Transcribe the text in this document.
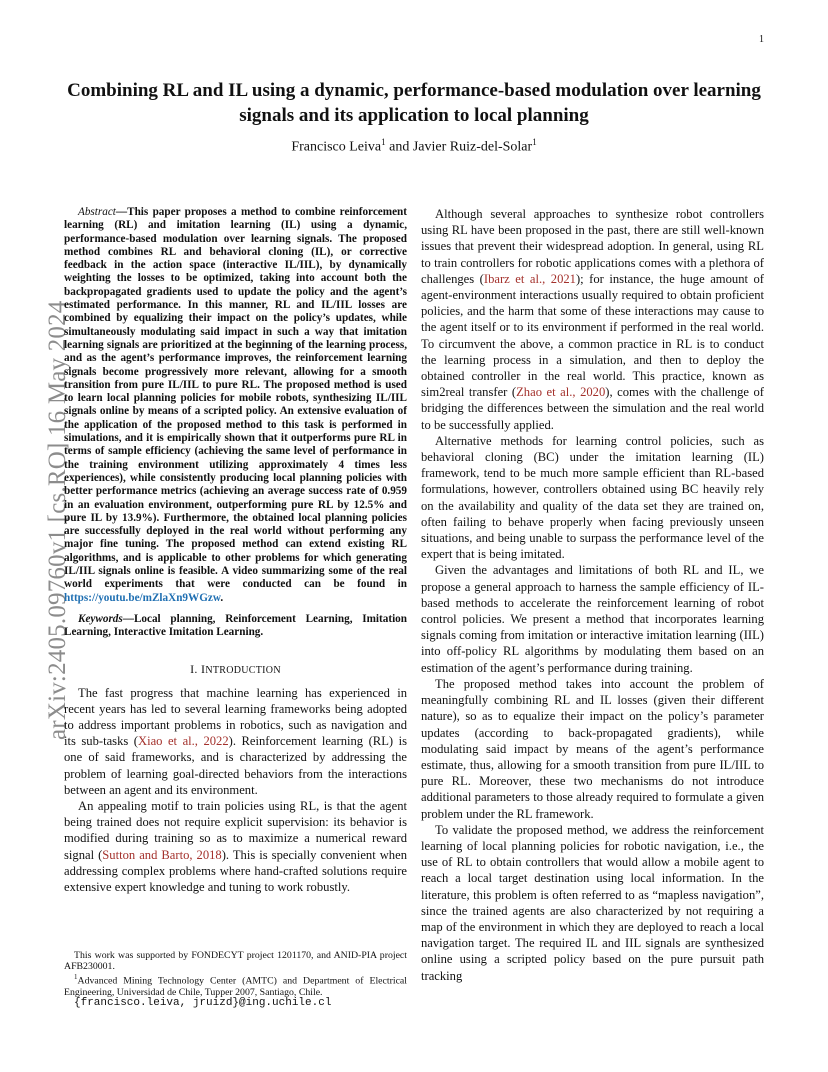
1
arXiv:2405.09760v1 [cs.RO] 16 May 2024
Combining RL and IL using a dynamic, performance-based modulation over learning signals and its application to local planning
Francisco Leiva$^1$ and Javier Ruiz-del-Solar$^1$

Abstract—This paper proposes a method to combine reinforcement learning (RL) and imitation learning (IL) using a dynamic, performance-based modulation over learning signals. The proposed method combines RL and behavioral cloning (IL), or corrective feedback in the action space (interactive IL/IIL), by dynamically weighting the losses to be optimized, taking into account both the backpropagated gradients used to update the policy and the agent’s estimated performance. In this manner, RL and IL/IIL losses are combined by equalizing their impact on the policy’s updates, while simultaneously modulating said impact in such a way that imitation learning signals are prioritized at the beginning of the learning process, and as the agent’s performance improves, the reinforcement learning signals become progressively more relevant, allowing for a smooth transition from pure IL/IIL to pure RL. The proposed method is used to learn local planning policies for mobile robots, synthesizing IL/IIL signals online by means of a scripted policy. An extensive evaluation of the application of the proposed method to this task is performed in simulations, and it is empirically shown that it outperforms pure RL in terms of sample efficiency (achieving the same level of performance in the training environment utilizing approximately 4 times less experiences), while consistently producing local planning policies with better performance metrics (achieving an average success rate of 0.959 in an evaluation environment, outperforming pure RL by 12.5% and pure IL by 13.9%). Furthermore, the obtained local planning policies are successfully deployed in the real world without performing any major fine tuning. The proposed method can extend existing RL algorithms, and is applicable to other problems for which generating IL/IIL signals online is feasible. A video summarizing some of the real world experiments that were conducted can be found in https://youtu.be/mZlaXn9WGzw.

Keywords—Local planning, Reinforcement Learning, Imitation Learning, Interactive Imitation Learning.

I. INTRODUCTION

The fast progress that machine learning has experienced in recent years has led to several learning frameworks being adopted to address important problems in robotics, such as navigation and its sub-tasks (Xiao et al., 2022). Reinforcement learning (RL) is one of said frameworks, and is characterized by addressing the problem of learning goal-directed behaviors from the interactions between an agent and its environment.

An appealing motif to train policies using RL, is that the agent being trained does not require explicit supervision: its behavior is modified during training so as to maximize a numerical reward signal (Sutton and Barto, 2018). This is specially convenient when addressing complex problems where hand-crafted solutions require extensive expert knowledge and tuning to work robustly.

This work was supported by FONDECYT project 1201170, and ANID-PIA project AFB230001.

$^1$Advanced Mining Technology Center (AMTC) and Department of Electrical Engineering, Universidad de Chile, Tupper 2007, Santiago, Chile.

{francisco.leiva, jruizd}@ing.uchile.cl

Although several approaches to synthesize robot controllers using RL have been proposed in the past, there are still well-known issues that prevent their widespread adoption. In general, using RL to train controllers for robotic applications comes with a plethora of challenges (Ibarz et al., 2021); for instance, the huge amount of agent-environment interactions usually required to obtain proficient policies, and the harm that some of these interactions may cause to the agent itself or to its environment if performed in the real world. To circumvent the above, a common practice in RL is to conduct the learning process in a simulation, and then to deploy the obtained controller in the real world. This practice, known as sim2real transfer (Zhao et al., 2020), comes with the challenge of bridging the differences between the simulation and the real world to be successfully applied.

Alternative methods for learning control policies, such as behavioral cloning (BC) under the imitation learning (IL) framework, tend to be much more sample efficient than RL-based formulations, however, controllers obtained using BC heavily rely on the availability and quality of the data set they are trained on, often failing to behave properly when facing previously unseen situations, and being unable to surpass the performance level of the expert that is being imitated.

Given the advantages and limitations of both RL and IL, we propose a general approach to harness the sample efficiency of IL-based methods to accelerate the reinforcement learning of robot control policies. We present a method that incorporates learning signals coming from imitation or interactive imitation learning (IIL) into off-policy RL algorithms by modulating them based on an estimation of the agent’s performance during training.

The proposed method takes into account the problem of meaningfully combining RL and IL losses (given their different nature), so as to equalize their impact on the policy’s parameter updates (according to back-propagated gradients), while modulating said impact by means of the agent’s performance estimate, thus, allowing for a smooth transition from pure IL/IIL to pure RL. Moreover, these two mechanisms do not introduce additional parameters to those already required to formulate a given problem under the RL framework.

To validate the proposed method, we address the reinforcement learning of local planning policies for robotic navigation, i.e., the use of RL to obtain controllers that would allow a mobile agent to reach a local target destination using local information. In the literature, this problem is often referred to as “mapless navigation”, since the trained agents are also characterized by not requiring a map of the environment in which they are deployed to reach a local navigation target. The required IL and IIL signals are synthesized online using a scripted policy based on the pure pursuit path tracking
